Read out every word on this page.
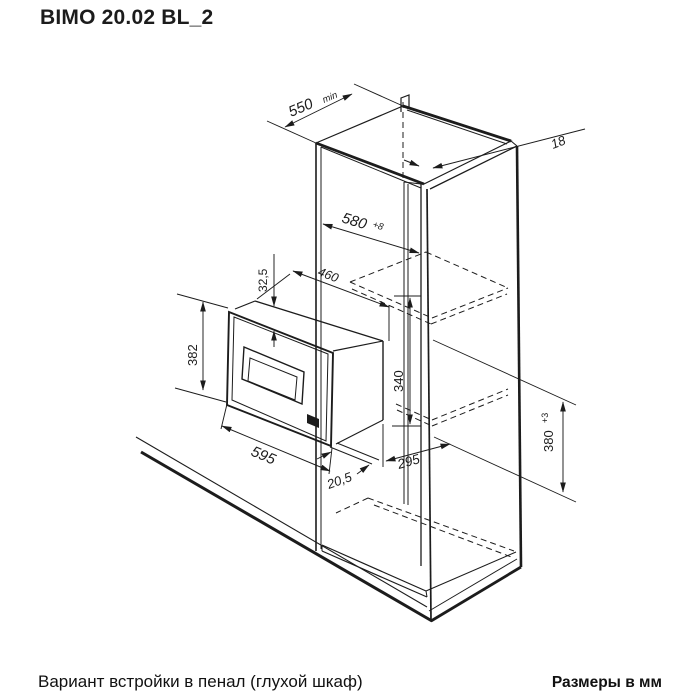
BIMO 20.02 BL_2
550 min
18
580 +8
460
32,5
382
340
595
20,5
295
380
+3
Вариант встройки в пенал (глухой шкаф)	Размеры в мм
